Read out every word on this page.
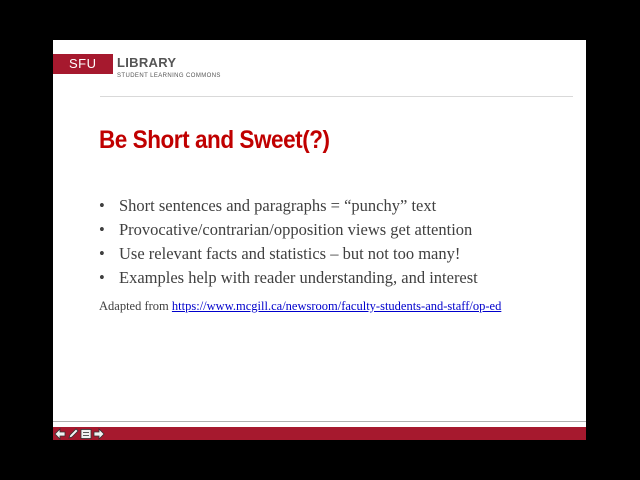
SFU	LIBRARY
STUDENT LEARNING COMMONS
Be Short and Sweet(?)
• Short sentences and paragraphs = “punchy” text
• Provocative/contrarian/opposition views get attention
• Use relevant facts and statistics – but not too many!
• Examples help with reader understanding, and interest
Adapted from https://www.mcgill.ca/newsroom/faculty-students-and-staff/op-ed
